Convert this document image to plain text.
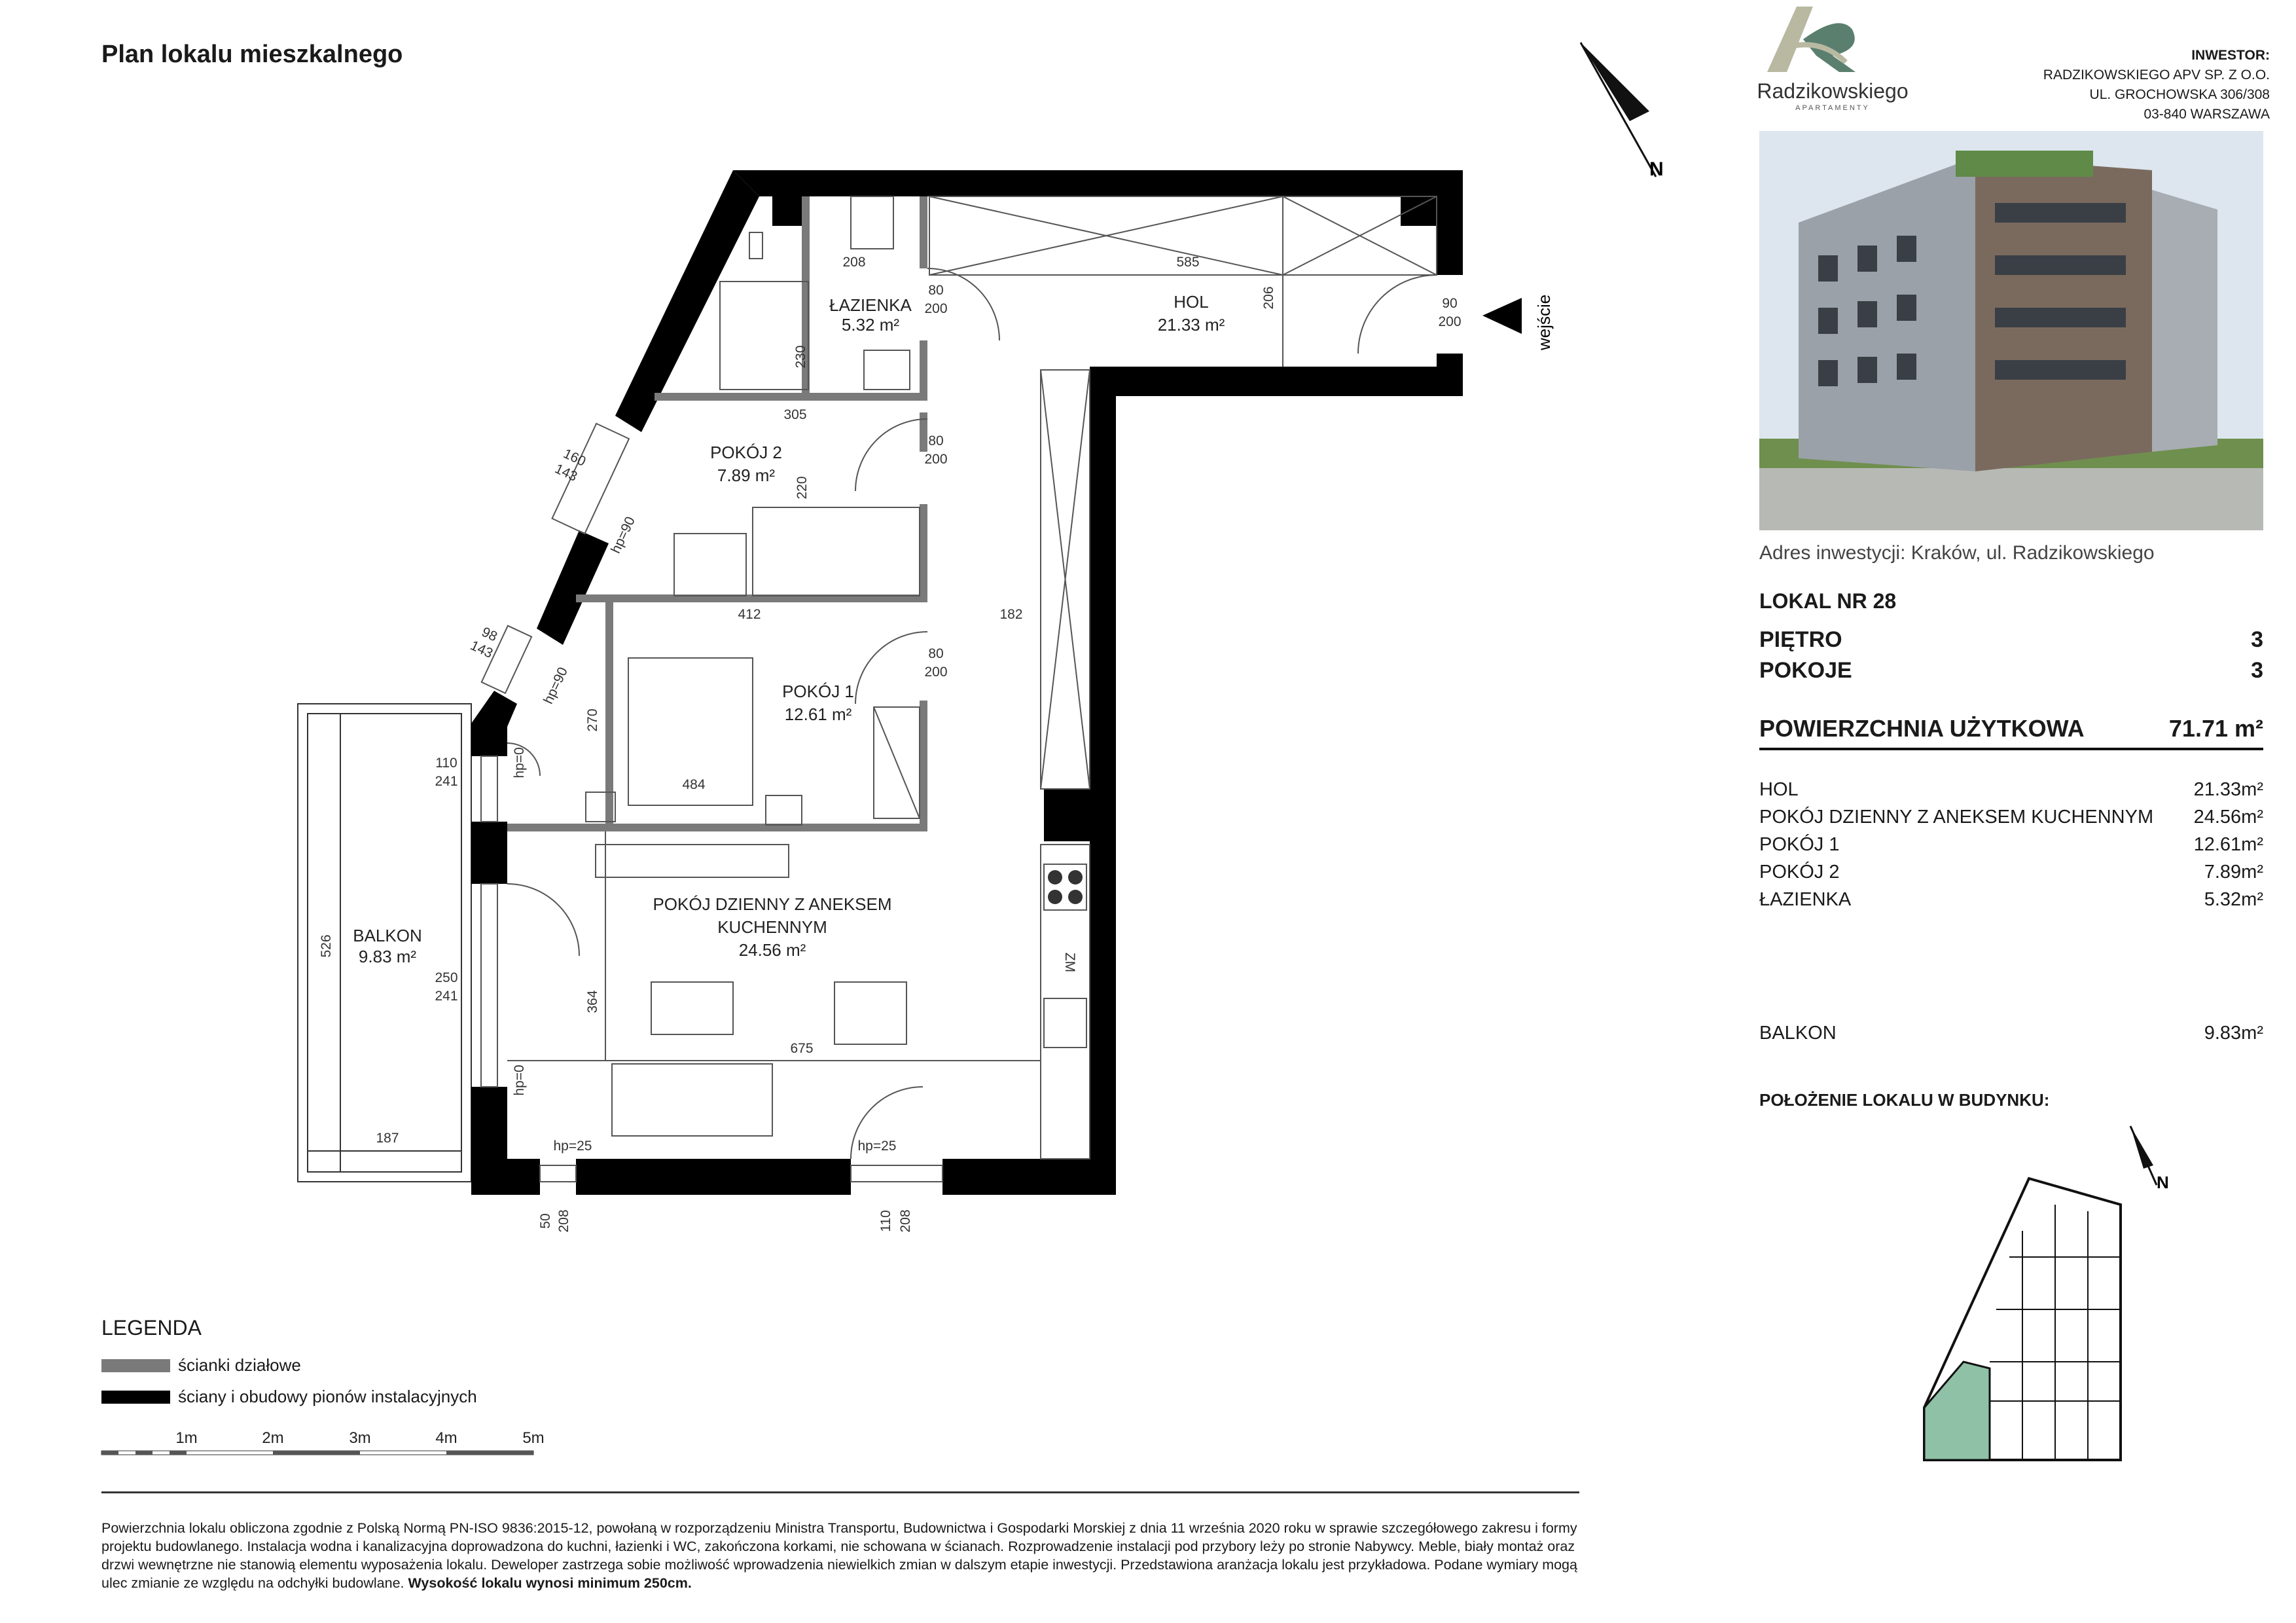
Plan lokalu mieszkalnego
N
wejście
ŁAZIENKA
5.32 m²
HOL
21.33 m²
POKÓJ 2
7.89 m²
POKÓJ 1
12.61 m²
POKÓJ DZIENNY Z ANEKSEM
KUCHENNYM
24.56 m²
BALKON
9.83 m²
208	585
206
230
305
220
412	182
270
484
364
675
526
187
80
200
80
200
80
200
90
200
160
143
98
143
110
241
250
241
50 208	110 208
hp=90
hp=90
hp=0
hp=0
hp=25	hp=25
ZM
Radzikowskiego
APARTAMENTY
INWESTOR:
RADZIKOWSKIEGO APV SP. Z O.O.
UL. GROCHOWSKA 306/308
03-840 WARSZAWA
Adres inwestycji: Kraków, ul. Radzikowskiego
LOKAL NR 28
PIĘTRO	3
POKOJE	3
POWIERZCHNIA UŻYTKOWA	71.71 m²
HOL	21.33m²
POKÓJ DZIENNY Z ANEKSEM KUCHENNYM 24.56m²
POKÓJ 1	12.61m²
POKÓJ 2	7.89m²
ŁAZIENKA	5.32m²
BALKON	9.83m²
POŁOŻENIE LOKALU W BUDYNKU:
N
LEGENDA
ścianki działowe
ściany i obudowy pionów instalacyjnych
1m	2m	3m	4m	5m
Powierzchnia lokalu obliczona zgodnie z Polską Normą PN-ISO 9836:2015-12, powołaną w rozporządzeniu Ministra Transportu, Budownictwa i Gospodarki Morskiej z dnia 11 września 2020 roku w sprawie szczegółowego zakresu i formy projektu budowlanego. Instalacja wodna i kanalizacyjna doprowadzona do kuchni, łazienki i WC, zakończona korkami, nie schowana w ścianach. Rozprowadzenie instalacji pod przybory leży po stronie Nabywcy. Meble, biały montaż oraz drzwi wewnętrzne nie stanowią elementu wyposażenia lokalu. Deweloper zastrzega sobie możliwość wprowadzenia niewielkich zmian w dalszym etapie inwestycji. Przedstawiona aranżacja lokalu jest przykładowa. Podane wymiary mogą ulec zmianie ze względu na odchyłki budowlane. Wysokość lokalu wynosi minimum 250cm.
